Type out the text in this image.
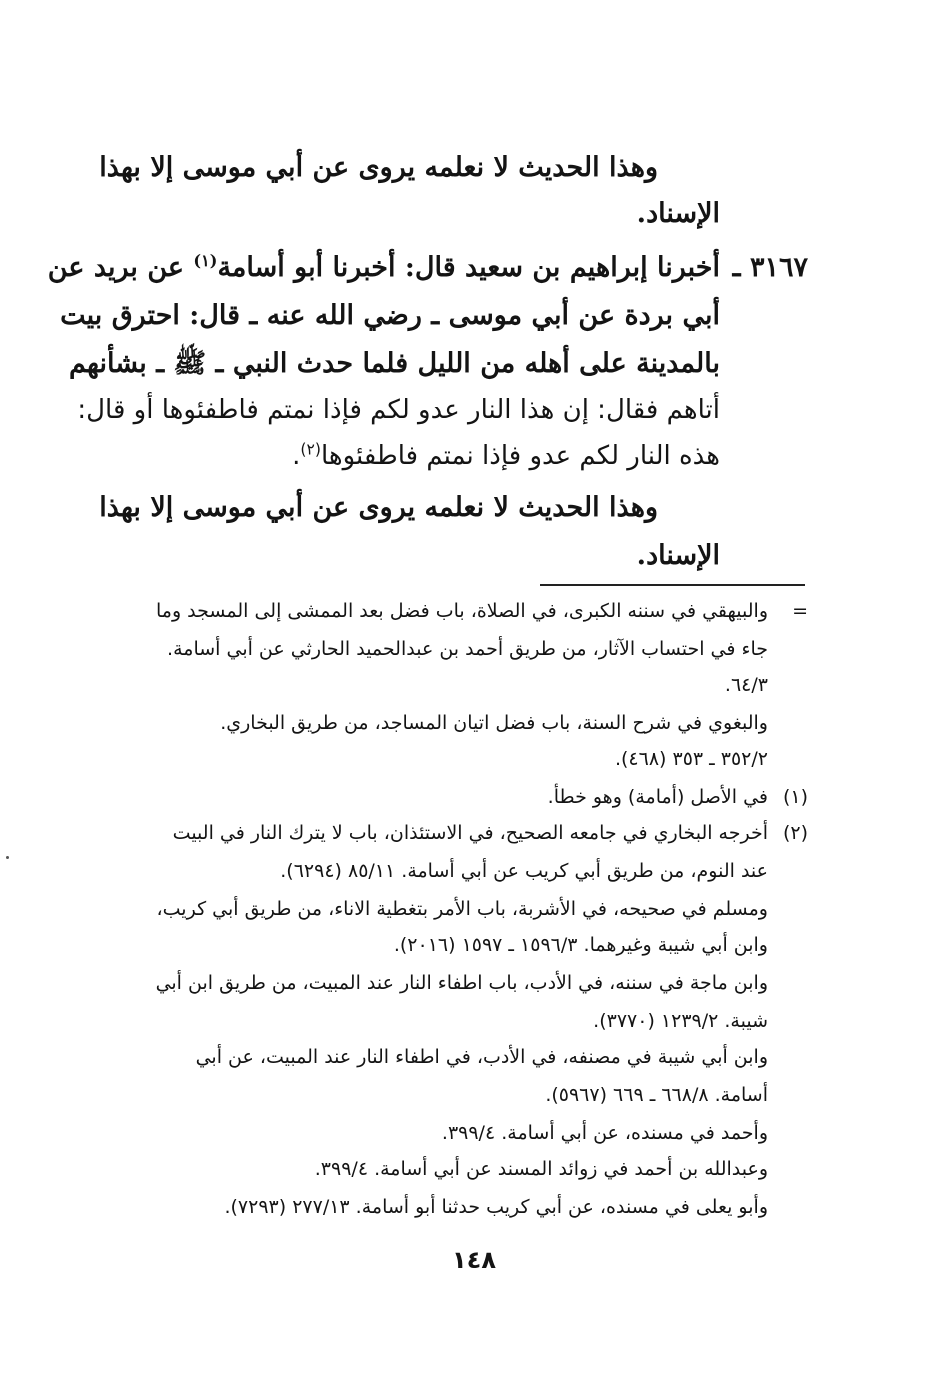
وهذا الحديث لا نعلمه يروى عن أبي موسى إلا بهذا
الإسناد.
٣١٦٧ ـ
أخبرنا إبراهيم بن سعيد قال: أخبرنا أبو أسامة$^{(١)}$ عن بريد عن
أبي بردة عن أبي موسى ـ رضي الله عنه ـ قال: احترق بيت
بالمدينة على أهله من الليل فلما حدث النبي ـ ﷺ ـ بشأنهم
أتاهم فقال: إن هذا النار عدو لكم فإذا نمتم فاطفئوها أو قال:
هذه النار لكم عدو فإذا نمتم فاطفئوها$^{(٢)}$.
وهذا الحديث لا نعلمه يروى عن أبي موسى إلا بهذا
الإسناد.
=
والبيهقي في سننه الكبرى، في الصلاة، باب فضل بعد الممشى إلى المسجد وما
جاء في احتساب الآثار، من طريق أحمد بن عبدالحميد الحارثي عن أبي أسامة.
٦٤/٣.
والبغوي في شرح السنة، باب فضل اتيان المساجد، من طريق البخاري.
٣٥٢/٢ ـ ٣٥٣ (٤٦٨).
(١)
في الأصل (أمامة) وهو خطأ.
(٢)
أخرجه البخاري في جامعه الصحيح، في الاستئذان، باب لا يترك النار في البيت
عند النوم، من طريق أبي كريب عن أبي أسامة. ٨٥/١١ (٦٢٩٤).
ومسلم في صحيحه، في الأشربة، باب الأمر بتغطية الاناء، من طريق أبي كريب،
وابن أبي شيبة وغيرهما. ١٥٩٦/٣ ـ ١٥٩٧ (٢٠١٦).
وابن ماجة في سننه، في الأدب، باب اطفاء النار عند المبيت، من طريق ابن أبي
شيبة. ١٢٣٩/٢ (٣٧٧٠).
وابن أبي شيبة في مصنفه، في الأدب، في اطفاء النار عند المبيت، عن أبي
أسامة. ٦٦٨/٨ ـ ٦٦٩ (٥٩٦٧).
وأحمد في مسنده، عن أبي أسامة. ٣٩٩/٤.
وعبدالله بن أحمد في زوائد المسند عن أبي أسامة. ٣٩٩/٤.
وأبو يعلى في مسنده، عن أبي كريب حدثنا أبو أسامة. ٢٧٧/١٣ (٧٢٩٣).
١٤٨
